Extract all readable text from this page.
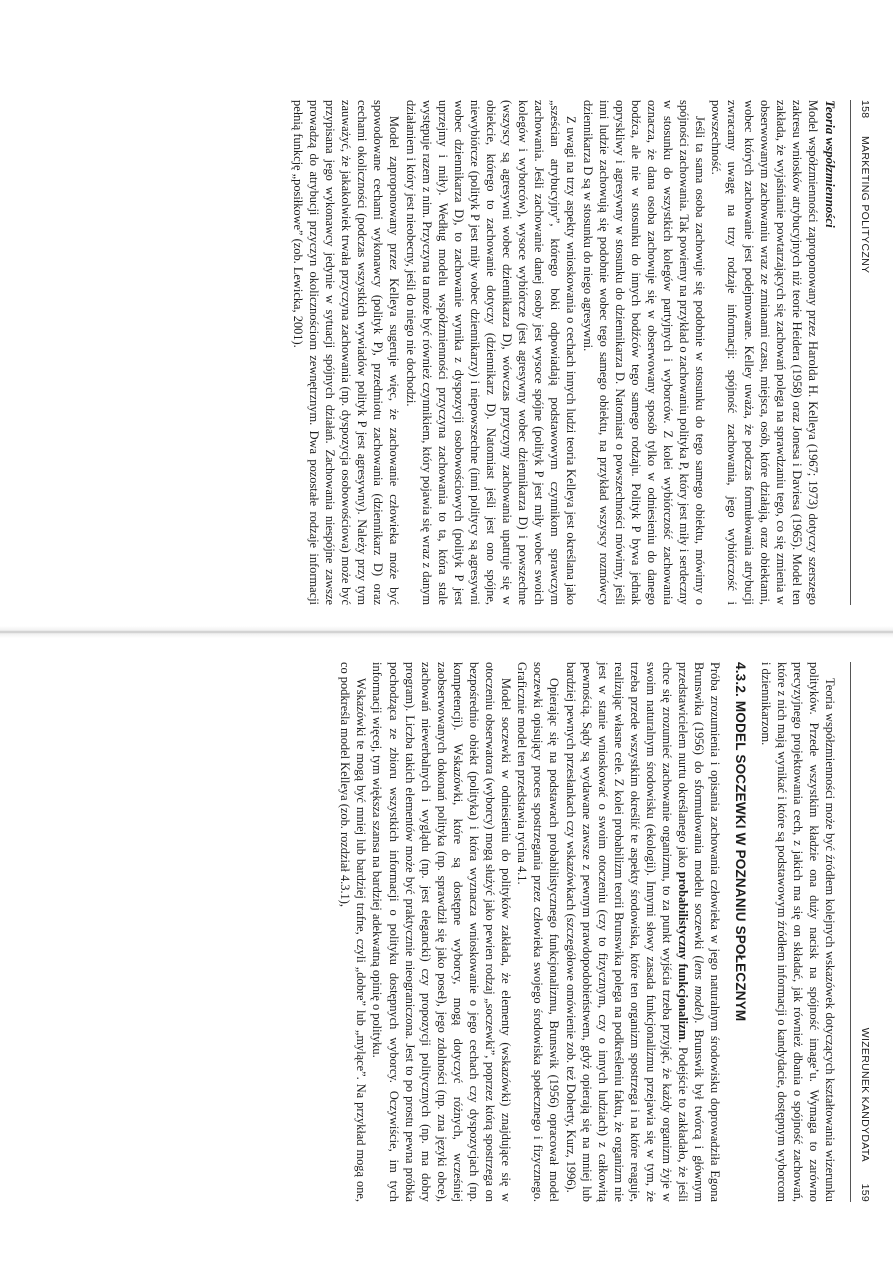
158
MARKETING POLITYCZNY
Teoria współzmienności

Model współzmienności zaproponowany przez Harolda H. Kelleya (1967; 1973) dotyczy szerszego zakresu wniosków atrybucyjnych niż teorie Heidera (1958) oraz Jonesa i Daviesa (1965). Model ten zakłada, że wyjaśnianie powtarzających się zachowań polega na sprawdzaniu tego, co się zmienia w obserwowanym zachowaniu wraz ze zmianami czasu, miejsca, osób, które działają, oraz obiektami, wobec których zachowanie jest podejmowane. Kelley uważa, że podczas formułowania atrybucji zwracamy uwagę na trzy rodzaje informacji: spójność zachowania, jego wybiórczość i powszechność.

Jeśli ta sama osoba zachowuje się podobnie w stosunku do tego samego obiektu, mówimy o spójności zachowania. Tak powiemy na przykład o zachowaniu polityka P, który jest miły i serdeczny w stosunku do wszystkich kolegów partyjnych i wyborców. Z kolei wybiórczość zachowania oznacza, że dana osoba zachowuje się w obserwowany sposób tylko w odniesieniu do danego bodźca, ale nie w stosunku do innych bodźców tego samego rodzaju. Polityk P bywa jednak opryskliwy i agresywny w stosunku do dziennikarza D. Natomiast o powszechności mówimy, jeśli inni ludzie zachowują się podobnie wobec tego samego obiektu, na przykład wszyscy rozmówcy dziennikarza D są w stosunku do niego agresywni.

Z uwagi na trzy aspekty wnioskowania o cechach innych ludzi teoria Kelleya jest określana jako „sześcian atrybucyjny”, którego boki odpowiadają podstawowym czynnikom sprawczym zachowania. Jeśli zachowanie danej osoby jest wysoce spójne (polityk P jest miły wobec swoich kolegów i wyborców), wysoce wybiórcze (jest agresywny wobec dziennikarza D) i powszechne (wszyscy są agresywni wobec dziennikarza D), wówczas przyczyny zachowania upatruje się w obiekcie, którego to zachowanie dotyczy (dziennikarz D). Natomiast jeśli jest ono spójne, niewybiórcze (polityk P jest miły wobec dziennikarzy) i niepowszechne (inni politycy są agresywni wobec dziennikarza D), to zachowanie wynika z dyspozycji osobowościowych (polityk P jest uprzejmy i miły). Według modelu współzmienności przyczyna zachowania to ta, która stale występuje razem z nim. Przyczyna ta może być również czynnikiem, który pojawia się wraz z danym działaniem i który jest nieobecny, jeśli do niego nie dochodzi.

Model zaproponowany przez Kelleya sugeruje więc, że zachowanie człowieka może być spowodowane cechami wykonawcy (polityk P), przedmiotu zachowania (dziennikarz D) oraz cechami okoliczności (podczas wszystkich wywiadów polityk P jest agresywny). Należy przy tym zauważyć, że jakakolwiek trwała przyczyna zachowania (np. dyspozycja osobowościowa) może być przypisana jego wykonawcy jedynie w sytuacji spójnych działań. Zachowania niespójne zawsze prowadzą do atrybucji przyczyn okolicznościom zewnętrznym. Dwa pozostałe rodzaje informacji pełnią funkcję „posiłkowe” (zob. Lewicka, 2001).

WIZERUNEK KANDYDATA
159

Teoria współzmienności może być źródłem kolejnych wskazówek dotyczących kształtowania wizerunku polityków. Przede wszystkim kładzie ona duży nacisk na spójność image’u. Wymaga to zarówno precyzyjnego projektowania cech, z jakich ma się on składać, jak również dbania o spójność zachowań, które z nich mają wynikać i które są podstawowym źródłem informacji o kandydacie, dostępnym wyborcom i dziennikarzom.

4.3.2. MODEL SOCZEWKI W POZNANIU SPOŁECZNYM

Próba zrozumienia i opisania zachowania człowieka w jego naturalnym środowisku doprowadziła Egona Brunswika (1956) do sformułowania modelu soczewki (lens model). Brunswik był twórcą i głównym przedstawicielem nurtu określanego jako probabilistyczny funkcjonalizm. Podejście to zakładało, że jeśli chce się zrozumieć zachowanie organizmu, to za punkt wyjścia trzeba przyjąć, że każdy organizm żyje w swoim naturalnym środowisku (ekologii). Innymi słowy zasada funkcjonalizmu przejawia się w tym, że trzeba przede wszystkim określić te aspekty środowiska, które ten organizm spostrzega i na które reaguje, realizując własne cele. Z kolei probabilizm teorii Brunswika polega na podkreśleniu faktu, że organizm nie jest w stanie wnioskować o swoim otoczeniu (czy to fizycznym, czy o innych ludziach) z całkowitą pewnością. Sądy są wydawane zawsze z pewnym prawdopodobieństwem, gdyż opierają się na mniej lub bardziej pewnych przesłankach czy wskazówkach (szczegółowe omówienie zob. też Doherty, Kurz, 1996).

Opierając się na podstawach probabilistycznego funkcjonalizmu, Brunswik (1956) opracował model soczewki opisujący proces spostrzegania przez człowieka swojego środowiska społecznego i fizycznego. Graficznie model ten przedstawia rycina 4.1.

Model soczewki w odniesieniu do polityków zakłada, że elementy (wskazówki) znajdujące się w otoczeniu obserwatora (wyborcy) mogą służyć jako pewien rodzaj „soczewki”, poprzez którą spostrzega on bezpośrednio obiekt (polityka) i która wyznacza wnioskowanie o jego cechach czy dyspozycjach (np. kompetencji). Wskazówki, które są dostępne wyborcy, mogą dotyczyć różnych, wcześniej zaobserwowanych dokonań polityka (np. sprawdził się jako poseł), jego zdolności (np. zna języki obce), zachowań niewerbalnych i wyglądu (np. jest elegancki) czy propozycji politycznych (np. ma dobry program). Liczba takich elementów może być praktycznie nieograniczona. Jest to po prostu pewna próbka pochodząca ze zbioru wszystkich informacji o polityku dostępnych wyborcy. Oczywiście, im tych informacji więcej, tym większa szansa na bardziej adekwatną opinię o polityku.

Wskazówki te mogą być mniej lub bardziej trafne, czyli „dobre” lub „mylące”. Na przykład mogą one, co podkreśla model Kelleya (zob. rozdział 4.3.1),
